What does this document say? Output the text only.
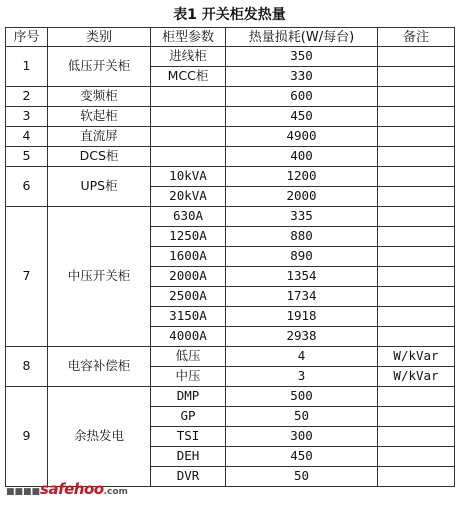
表1 开关柜发热量
序号	类别	柜型参数	热量损耗(W/每台)	备注
1	低压开关柜	进线柜	350	
		MCC柜	330	
2	变频柜		600	
3	软起柜		450	
4	直流屏		4900	
5	DCS柜		400	
6	UPS柜	10kVA	1200	
		20kVA	2000	
7	中压开关柜	630A	335	
		1250A	880	
		1600A	890	
		2000A	1354	
		2500A	1734	
		3150A	1918	
		4000A	2938	
8	电容补偿柜	低压	4	W/kVar
		中压	3	W/kVar
9	余热发电	DMP	500	
		GP	50	
		TSI	300	
		DEH	450	
		DVR	50	
■■■■safehoo.com
